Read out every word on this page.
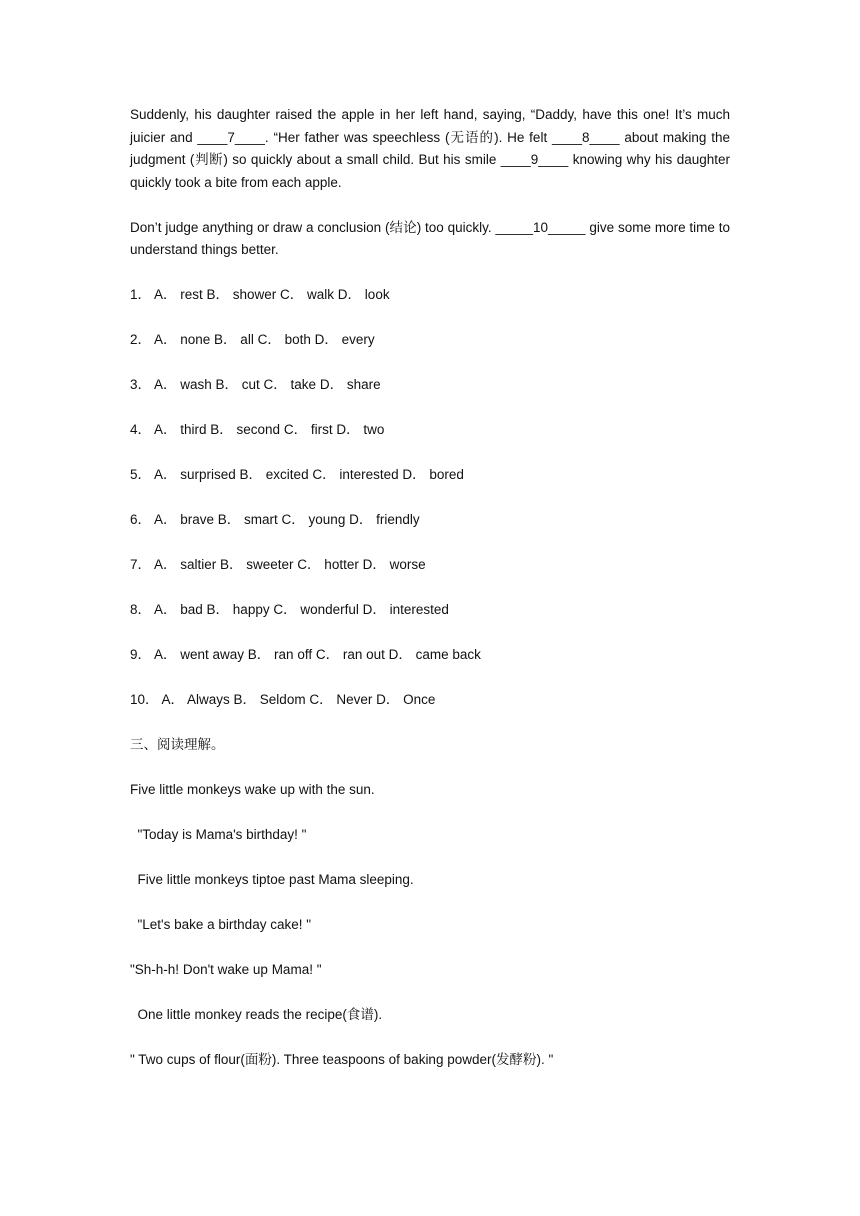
Suddenly, his daughter raised the apple in her left hand, saying, “Daddy, have this one! It’s much juicier and ____7____. “Her father was speechless (无语的). He felt ____8____ about making the judgment (判断) so quickly about a small child. But his smile ____9____ knowing why his daughter quickly took a bite from each apple.

Don’t judge anything or draw a conclusion (结论) too quickly. _____10_____ give some more time to understand things better.

1． A． rest B． shower C． walk D． look

2． A． none B． all C． both D． every

3． A． wash B． cut C． take D． share

4． A． third B． second C． first D． two

5． A． surprised B． excited C． interested D． bored

6． A． brave B． smart C． young D． friendly

7． A． saltier B． sweeter C． hotter D． worse

8． A． bad B． happy C． wonderful D． interested

9． A． went away B． ran off C． ran out D． came back

10． A． Always B． Seldom C． Never D． Once

三、阅读理解。

Five little monkeys wake up with the sun.

"Today is Mama's birthday! "

Five little monkeys tiptoe past Mama sleeping.

"Let's bake a birthday cake! "

"Sh-h-h! Don't wake up Mama! "

One little monkey reads the recipe(食谱).

" Two cups of flour(面粉). Three teaspoons of baking powder(发酵粉). "
